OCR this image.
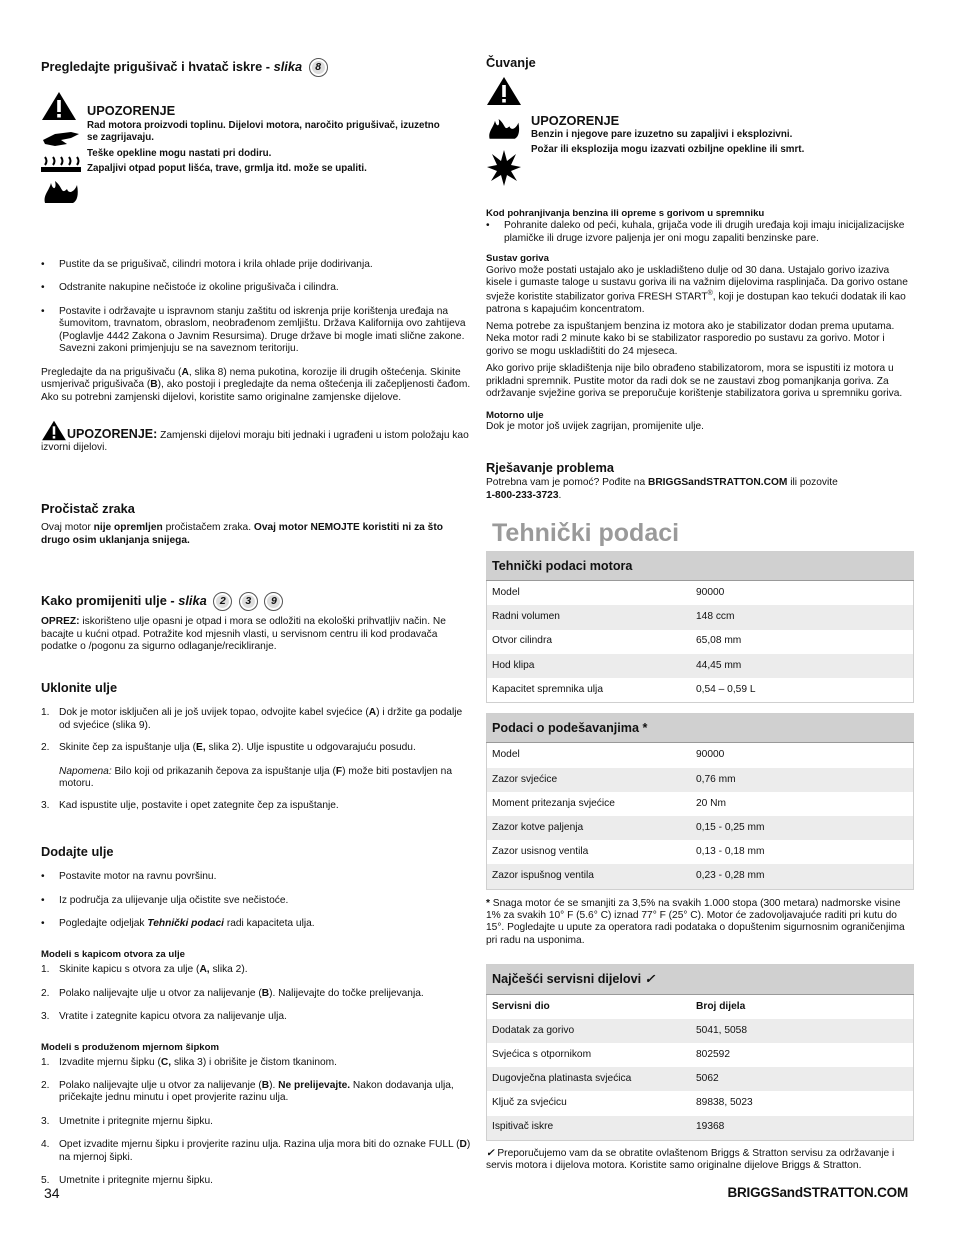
Pregledajte prigušivač i hvatač iskre - slika 8

UPOZORENJE
Rad motora proizvodi toplinu. Dijelovi motora, naročito prigušivač, izuzetno se zagrijavaju.
Teške opekline mogu nastati pri dodiru.
Zapaljivi otpad poput lišća, trave, grmlja itd. može se upaliti.
• Pustite da se prigušivač, cilindri motora i krila ohlade prije dodirivanja.
• Odstranite nakupine nečistoće iz okoline prigušivača i cilindra.
• Postavite i održavajte u ispravnom stanju zaštitu od iskrenja prije korištenja uređaja na šumovitom, travnatom, obraslom, neobrađenom zemljištu. Država Kalifornija ovo zahtijeva (Poglavlje 4442 Zakona o Javnim Resursima). Druge države bi mogle imati slične zakone. Savezni zakoni primjenjuju se na saveznom teritoriju.

Pregledajte da na prigušivaču (A, slika 8) nema pukotina, korozije ili drugih oštećenja. Skinite usmjerivač prigušivača (B), ako postoji i pregledajte da nema oštećenja ili začepljenosti čađom. Ako su potrebni zamjenski dijelovi, koristite samo originalne zamjenske dijelove.

UPOZORENJE: Zamjenski dijelovi moraju biti jednaki i ugrađeni u istom položaju kao izvorni dijelovi.

Pročistač zraka

Ovaj motor nije opremljen pročistačem zraka. Ovaj motor NEMOJTE koristiti ni za što drugo osim uklanjanja snijega.

Kako promijeniti ulje - slika 2 3 9

OPREZ: iskorišteno ulje opasni je otpad i mora se odložiti na ekološki prihvatljiv način. Ne bacajte u kućni otpad. Potražite kod mjesnih vlasti, u servisnom centru ili kod prodavača podatke o /pogonu za sigurno odlaganje/recikliranje.

Uklonite ulje
1. Dok je motor isključen ali je još uvijek topao, odvojite kabel svjećice (A) i držite ga podalje od svjećice (slika 9).
2. Skinite čep za ispuštanje ulja (E, slika 2). Ulje ispustite u odgovarajuću posudu.
Napomena: Bilo koji od prikazanih čepova za ispuštanje ulja (F) može biti postavljen na motoru.
3. Kad ispustite ulje, postavite i opet zategnite čep za ispuštanje.
Dodajte ulje
• Postavite motor na ravnu površinu.
• Iz područja za ulijevanje ulja očistite sve nečistoće.
• Pogledajte odjeljak Tehnički podaci radi kapaciteta ulja.
Modeli s kapicom otvora za ulje
1. Skinite kapicu s otvora za ulje (A, slika 2).
2. Polako nalijevajte ulje u otvor za nalijevanje (B). Nalijevajte do točke prelijevanja.
3. Vratite i zategnite kapicu otvora za nalijevanje ulja.
Modeli s produženom mjernom šipkom
1. Izvadite mjernu šipku (C, slika 3) i obrišite je čistom tkaninom.
2. Polako nalijevajte ulje u otvor za nalijevanje (B). Ne prelijevajte. Nakon dodavanja ulja, pričekajte jednu minutu i opet provjerite razinu ulja.
3. Umetnite i pritegnite mjernu šipku.
4. Opet izvadite mjernu šipku i provjerite razinu ulja. Razina ulja mora biti do oznake FULL (D) na mjernoj šipki.
5. Umetnite i pritegnite mjernu šipku.
Čuvanje
UPOZORENJE
Benzin i njegove pare izuzetno su zapaljivi i eksplozivni.
Požar ili eksplozija mogu izazvati ozbiljne opekline ili smrt.
Kod pohranjivanja benzina ili opreme s gorivom u spremniku
• Pohranite daleko od peći, kuhala, grijača vode ili drugih uređaja koji imaju inicijalizacijske plamičke ili druge izvore paljenja jer oni mogu zapaliti benzinske pare.
Sustav goriva

Gorivo može postati ustajalo ako je uskladišteno dulje od 30 dana. Ustajalo gorivo izaziva kisele i gumaste taloge u sustavu goriva ili na važnim dijelovima rasplinjača. Da gorivo ostane svježe koristite stabilizator goriva FRESH START®, koji je dostupan kao tekući dodatak ili kao patrona s kapajućim koncentratom.

Nema potrebe za ispuštanjem benzina iz motora ako je stabilizator dodan prema uputama. Neka motor radi 2 minute kako bi se stabilizator rasporedio po sustavu za gorivo. Motor i gorivo se mogu uskladištiti do 24 mjeseca.

Ako gorivo prije skladištenja nije bilo obrađeno stabilizatorom, mora se ispustiti iz motora u prikladni spremnik. Pustite motor da radi dok se ne zaustavi zbog pomanjkanja goriva. Za održavanje svježine goriva se preporučuje korištenje stabilizatora goriva u spremniku goriva.

Motorno ulje

Dok je motor još uvijek zagrijan, promijenite ulje.

Rješavanje problema

Potrebna vam je pomoć? Pođite na BRIGGSandSTRATTON.COM ili pozovite
1-800-233-3723.

Tehnički podaci
Tehnički podaci motora	
Model	90000
Radni volumen	148 ccm
Otvor cilindra	65,08 mm
Hod klipa	44,45 mm
Kapacitet spremnika ulja	0,54 – 0,59 L
Podaci o podešavanjima *	
Model	90000
Zazor svjećice	0,76 mm
Moment pritezanja svjećice	20 Nm
Zazor kotve paljenja	0,15 - 0,25 mm
Zazor usisnog ventila	0,13 - 0,18 mm
Zazor ispušnog ventila	0,23 - 0,28 mm

* Snaga motor će se smanjiti za 3,5% na svakih 1.000 stopa (300 metara) nadmorske visine 1% za svakih 10° F (5.6° C) iznad 77° F (25° C). Motor će zadovoljavajuće raditi pri kutu do 15°. Pogledajte u upute za operatora radi podataka o dopuštenim sigurnosnim ograničenjima pri radu na usponima.

Najčešći servisni dijelovi ✓	
Servisni dio	Broj dijela
Dodatak za gorivo	5041, 5058
Svjećica s otpornikom	802592
Dugovječna platinasta svjećica	5062
Ključ za svjećicu	89838, 5023
Ispitivač iskre	19368

✓ Preporučujemo vam da se obratite ovlaštenom Briggs & Stratton servisu za održavanje i servis motora i dijelova motora. Koristite samo originalne dijelove Briggs & Stratton.

34	BRIGGSandSTRATTON.COM
